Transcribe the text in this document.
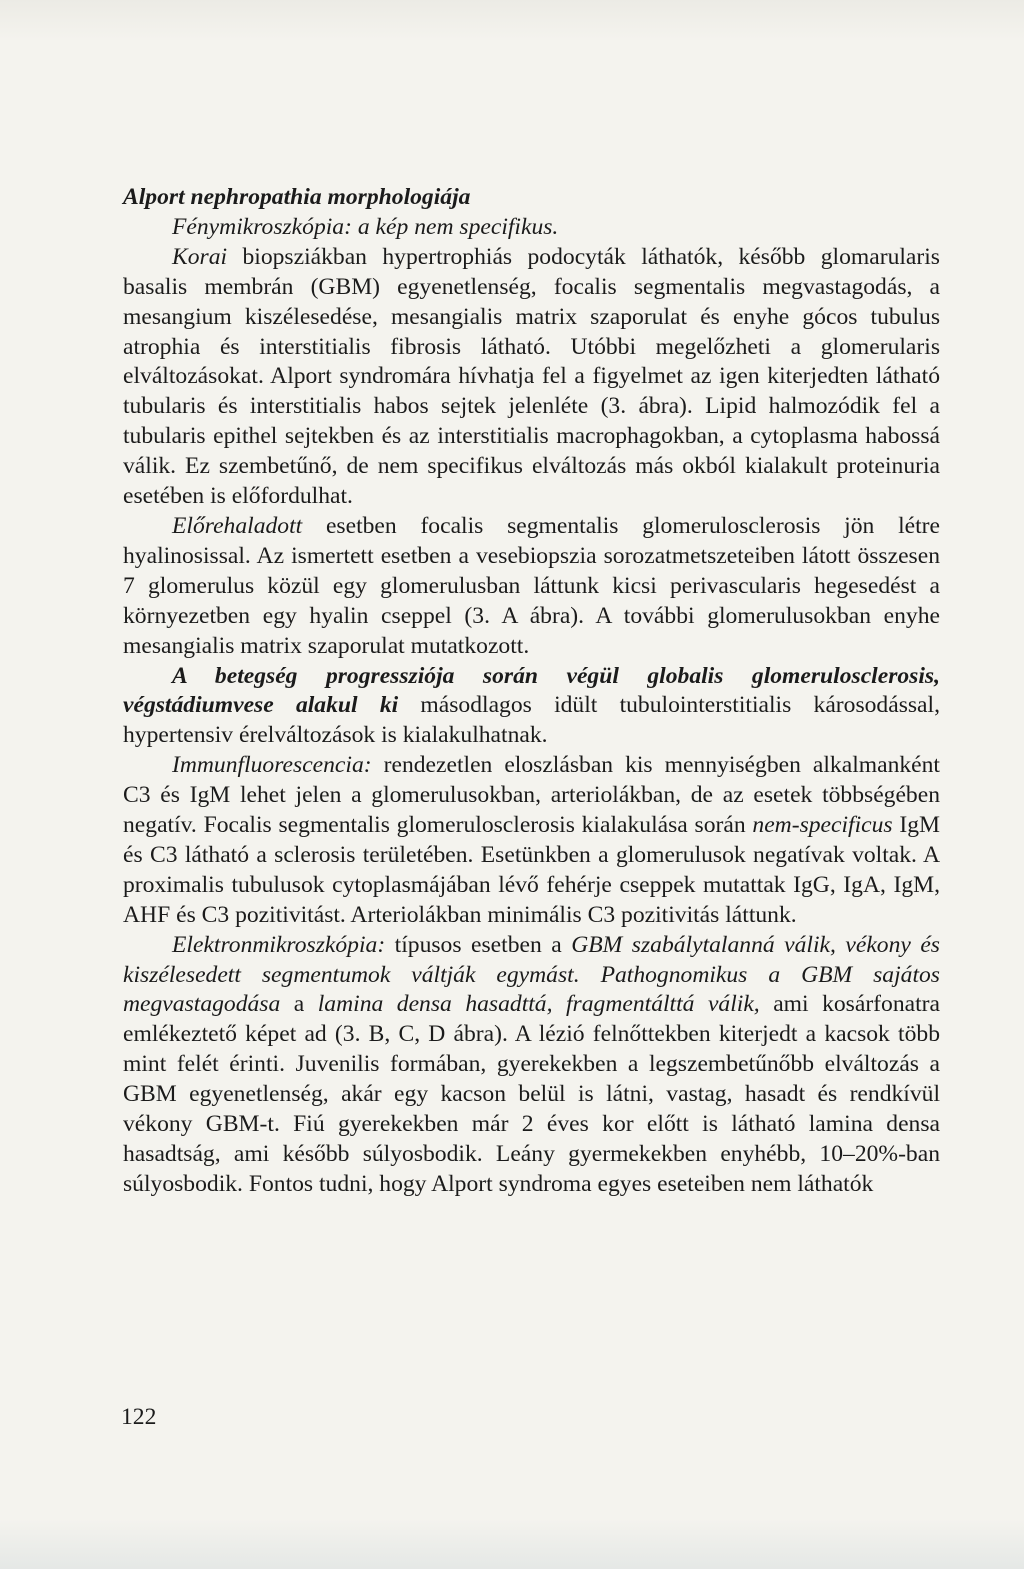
Alport nephropathia morphologiája

Fénymikroszkópia: a kép nem specifikus.

Korai biopsziákban hypertrophiás podocyták láthatók, később glomarularis basalis membrán (GBM) egyenetlenség, focalis segmentalis megvastagodás, a mesangium kiszélesedése, mesangialis matrix szaporulat és enyhe gócos tubulus atrophia és interstitialis fibrosis látható. Utóbbi megelőzheti a glomerularis elváltozásokat. Alport syndromára hívhatja fel a figyelmet az igen kiterjedten látható tubularis és interstitialis habos sejtek jelenléte (3. ábra). Lipid halmozódik fel a tubularis epithel sejtekben és az interstitialis macrophagokban, a cytoplasma habossá válik. Ez szembetűnő, de nem specifikus elváltozás más okból kialakult proteinuria esetében is előfordulhat.

Előrehaladott esetben focalis segmentalis glomerulosclerosis jön létre hyalinosissal. Az ismertett esetben a vesebiopszia sorozatmetszeteiben látott összesen 7 glomerulus közül egy glomerulusban láttunk kicsi perivascularis hegesedést a környezetben egy hyalin cseppel (3. A ábra). A további glomerulusokban enyhe mesangialis matrix szaporulat mutatkozott.

A betegség progressziója során végül globalis glomerulosclerosis, végstádiumvese alakul ki másodlagos idült tubulointerstitialis károsodással, hypertensiv érelváltozások is kialakulhatnak.

Immunfluorescencia: rendezetlen eloszlásban kis mennyiségben alkalmanként C3 és IgM lehet jelen a glomerulusokban, arteriolákban, de az esetek többségében negatív. Focalis segmentalis glomerulosclerosis kialakulása során nem-specificus IgM és C3 látható a sclerosis területében. Esetünkben a glomerulusok negatívak voltak. A proximalis tubulusok cytoplasmájában lévő fehérje cseppek mutattak IgG, IgA, IgM, AHF és C3 pozitivitást. Arteriolákban minimális C3 pozitivitás láttunk.

Elektronmikroszkópia: típusos esetben a GBM szabálytalanná válik, vékony és kiszélesedett segmentumok váltják egymást. Pathognomikus a GBM sajátos megvastagodása a lamina densa hasadttá, fragmentálttá válik, ami kosárfonatra emlékeztető képet ad (3. B, C, D ábra). A lézió felnőttekben kiterjedt a kacsok több mint felét érinti. Juvenilis formában, gyerekekben a legszembetűnőbb elváltozás a GBM egyenetlenség, akár egy kacson belül is látni, vastag, hasadt és rendkívül vékony GBM-t. Fiú gyerekekben már 2 éves kor előtt is látható lamina densa hasadtság, ami később súlyosbodik. Leány gyermekekben enyhébb, 10–20%-ban súlyosbodik. Fontos tudni, hogy Alport syndroma egyes eseteiben nem láthatók

122
